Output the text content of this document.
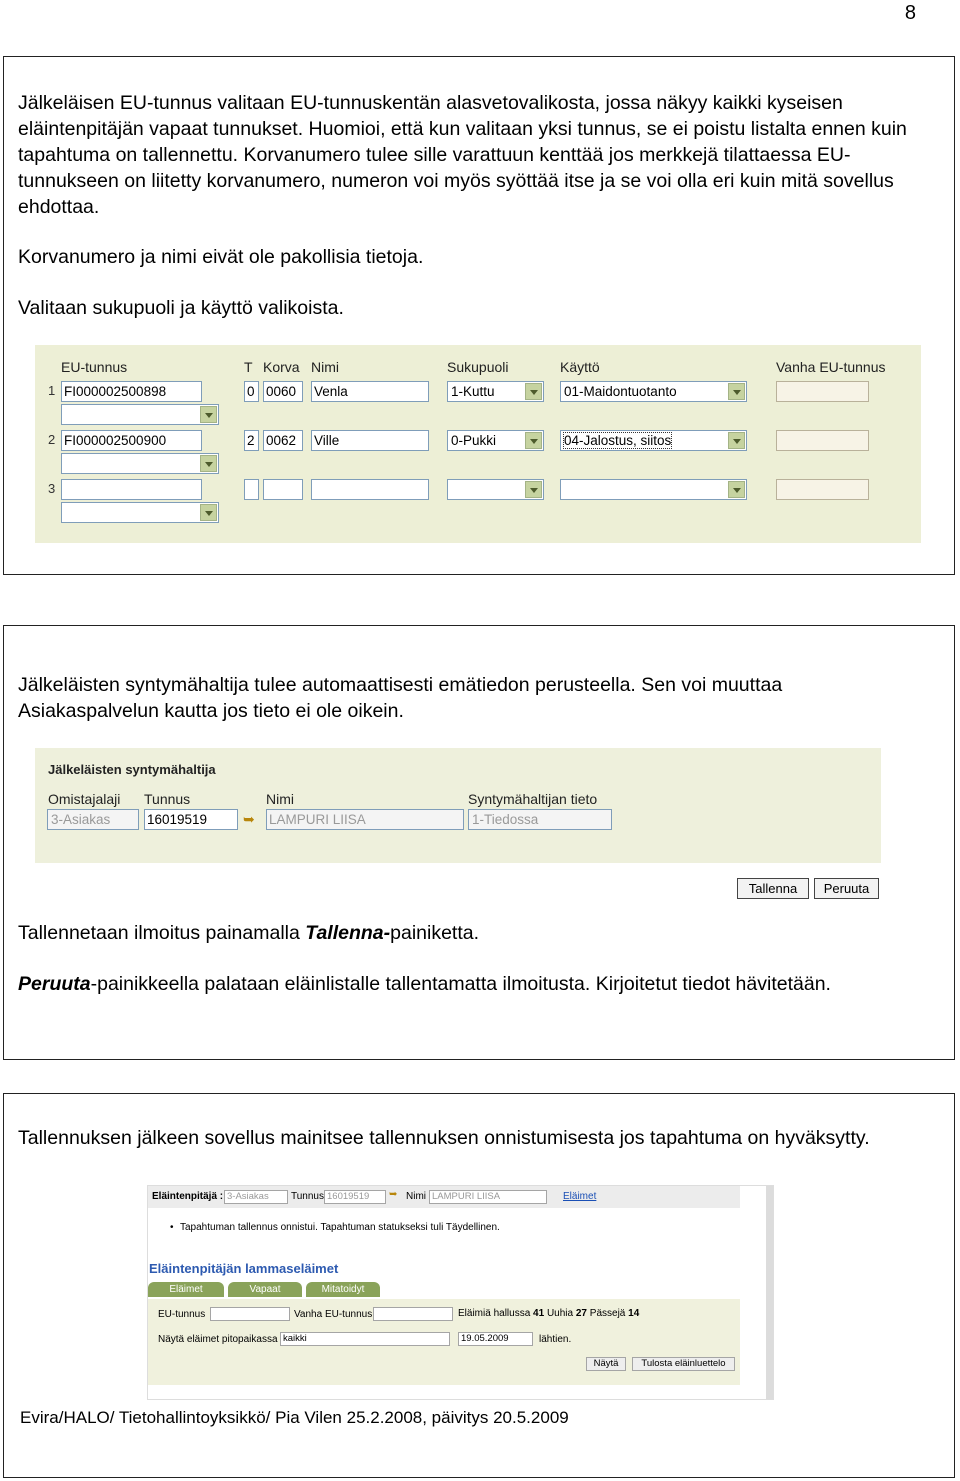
8

Jälkeläisen EU-tunnus valitaan EU-tunnuskentän alasvetovalikosta, jossa näkyy kaikki kyseisen eläintenpitäjän vapaat tunnukset. Huomioi, että kun valitaan yksi tunnus, se ei poistu listalta ennen kuin tapahtuma on tallennettu. Korvanumero tulee sille varattuun kenttää jos merkkejä tilattaessa EU-tunnukseen on liitetty korvanumero, numeron voi myös syöttää itse ja se voi olla eri kuin mitä sovellus ehdottaa.

Korvanumero ja nimi eivät ole pakollisia tietoja.

Valitaan sukupuoli ja käyttö valikoista.

EU-tunnus	T Korva Nimi	Sukupuoli	Käyttö	Vanha EU-tunnus
1 FI000002500898	0 0060	Venla	1-Kuttu	01-Maidontuotanto
2 FI000002500900	2 0062	Ville	0-Pukki	04-Jalostus, siitos
3

Jälkeläisten syntymähaltija tulee automaattisesti emätiedon perusteella. Sen voi muuttaa Asiakaspalvelun kautta jos tieto ei ole oikein.

Jälkeläisten syntymähaltija
Omistajalaji Tunnus	Nimi	Syntymähaltijan tieto
3-Asiakas	16019519	➥ LAMPURI LIISA	1-Tiedossa
Tallenna	Peruuta

Tallennetaan ilmoitus painamalla Tallenna-painiketta.

Peruuta-painikkeella palataan eläinlistalle tallentamatta ilmoitusta. Kirjoitetut tiedot hävitetään.

Tallennuksen jälkeen sovellus mainitsee tallennuksen onnistumisesta jos tapahtuma on hyväksytty.

Eläintenpitäjä : 3-Asiakas	Tunnus 16019519	➥ Nimi LAMPURI LIISA	Eläimet
• Tapahtuman tallennus onnistui. Tapahtuman statukseksi tuli Täydellinen.
Eläintenpitäjän lammaseläimet
Eläimet	Vapaat	Mitatoidyt
EU-tunnus	Vanha EU-tunnus	Eläimiä hallussa 41 Uuhia 27 Pässejä 14
Näytä eläimet pitopaikassa kaikki	19.05.2009	lähtien.
Näytä	Tulosta eläinluettelo
Evira/HALO/ Tietohallintoyksikkö/ Pia Vilen 25.2.2008, päivitys 20.5.2009
